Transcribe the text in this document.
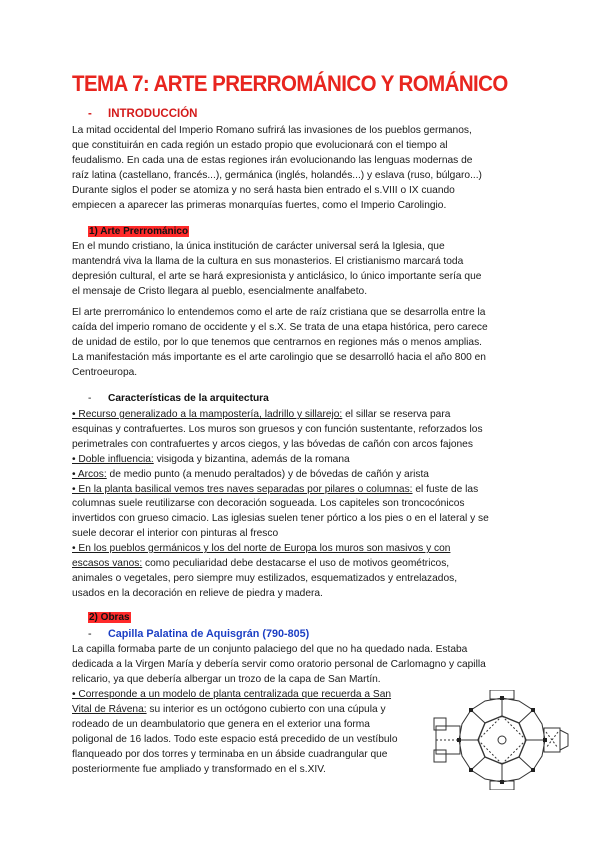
TEMA 7: ARTE PRERROMÁNICO Y ROMÁNICO
- INTRODUCCIÓN
La mitad occidental del Imperio Romano sufrirá las invasiones de los pueblos germanos,
que constituirán en cada región un estado propio que evolucionará con el tiempo al
feudalismo. En cada una de estas regiones irán evolucionando las lenguas modernas de
raíz latina (castellano, francés...), germánica (inglés, holandés...) y eslava (ruso, búlgaro...)
Durante siglos el poder se atomiza y no será hasta bien entrado el s.VIII o IX cuando
empiecen a aparecer las primeras monarquías fuertes, como el Imperio Carolingio.
1) Arte Prerrománico
En el mundo cristiano, la única institución de carácter universal será la Iglesia, que
mantendrá viva la llama de la cultura en sus monasterios. El cristianismo marcará toda
depresión cultural, el arte se hará expresionista y anticlásico, lo único importante sería que
el mensaje de Cristo llegara al pueblo, esencialmente analfabeto.
El arte prerrománico lo entendemos como el arte de raíz cristiana que se desarrolla entre la
caída del imperio romano de occidente y el s.X. Se trata de una etapa histórica, pero carece
de unidad de estilo, por lo que tenemos que centrarnos en regiones más o menos amplias.
La manifestación más importante es el arte carolingio que se desarrolló hacia el año 800 en
Centroeuropa.
- Características de la arquitectura
• Recurso generalizado a la mampostería, ladrillo y sillarejo: el sillar se reserva para
esquinas y contrafuertes. Los muros son gruesos y con función sustentante, reforzados los
perimetrales con contrafuertes y arcos ciegos, y las bóvedas de cañón con arcos fajones
• Doble influencia: visigoda y bizantina, además de la romana
• Arcos: de medio punto (a menudo peraltados) y de bóvedas de cañón y arista
• En la planta basilical vemos tres naves separadas por pilares o columnas: el fuste de las
columnas suele reutilizarse con decoración sogueada. Los capiteles son troncocónicos
invertidos con grueso cimacio. Las iglesias suelen tener pórtico a los pies o en el lateral y se
suele decorar el interior con pinturas al fresco
• En los pueblos germánicos y los del norte de Europa los muros son masivos y con
escasos vanos: como peculiaridad debe destacarse el uso de motivos geométricos,
animales o vegetales, pero siempre muy estilizados, esquematizados y entrelazados,
usados en la decoración en relieve de piedra y madera.
2) Obras
- Capilla Palatina de Aquisgrán (790-805)
La capilla formaba parte de un conjunto palaciego del que no ha quedado nada. Estaba
dedicada a la Virgen María y debería servir como oratorio personal de Carlomagno y capilla
relicario, ya que debería albergar un trozo de la capa de San Martín.
• Corresponde a un modelo de planta centralizada que recuerda a San
Vital de Rávena: su interior es un octógono cubierto con una cúpula y
rodeado de un deambulatorio que genera en el exterior una forma
poligonal de 16 lados. Todo este espacio está precedido de un vestíbulo
flanqueado por dos torres y terminaba en un ábside cuadrangular que
posteriormente fue ampliado y transformado en el s.XIV.
